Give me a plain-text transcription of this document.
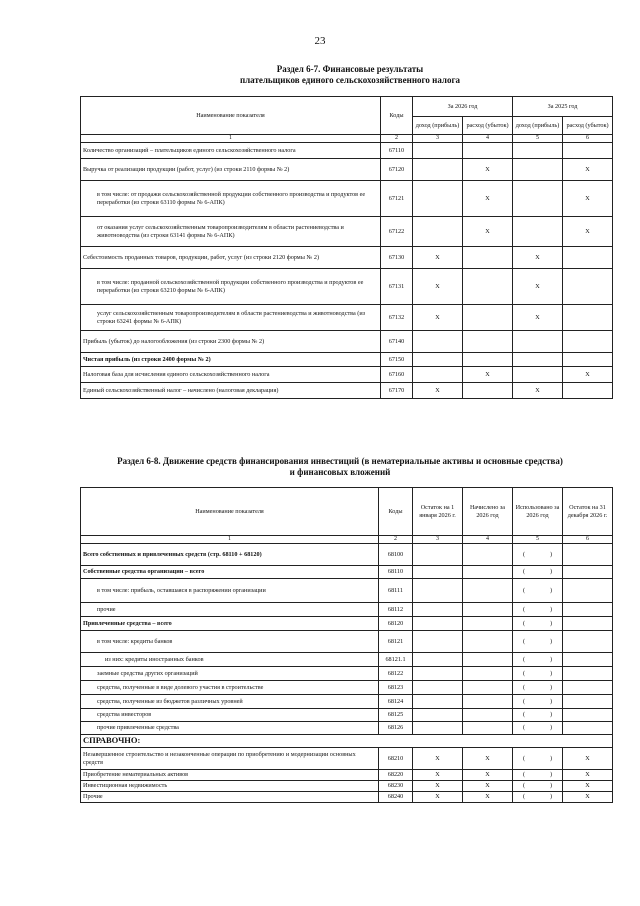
23
Раздел 6-7. Финансовые результаты
плательщиков единого сельскохозяйственного налога
Наименование показателя	Коды	За 2026 год		За 2025 год	
		доход (прибыль)	расход (убыток)	доход (прибыль)	расход (убыток)
1	2	3	4	5	6
Количество организаций – плательщиков единого сельскохозяйственного налога	67110				
Выручка от реализации продукции (работ, услуг) (из строки 2110 формы № 2)	67120		X		X
в том числе: от продажи сельскохозяйственной продукции собственного производства и продуктов ее переработки (из строки 63110 формы № 6-АПК)	67121		X		X
от оказания услуг сельскохозяйственным товаропроизводителям в области растениеводства и животноводства (из строки 63141 формы № 6-АПК)	67122		X		X
Себестоимость проданных товаров, продукции, работ, услуг (из строки 2120 формы № 2)	67130	X		X	
в том числе: проданной сельскохозяйственной продукции собственного производства и продуктов ее переработки (из строки 63210 формы № 6-АПК)	67131	X		X	
услуг сельскохозяйственным товаропроизводителям в области растениеводства и животноводства (из строки 63241 формы № 6-АПК)	67132	X		X	
Прибыль (убыток) до налогообложения (из строки 2300 формы № 2)	67140				
Чистая прибыль (из строки 2400 формы № 2)	67150				
Налоговая база для исчисления единого сельскохозяйственного налога	67160		X		X
Единый сельскохозяйственный налог – начислено (налоговая декларация)	67170	X		X	
Раздел 6-8. Движение средств финансирования инвестиций (в нематериальные активы и основные средства)
и финансовых вложений
Наименование показателя	Коды	Остаток на 1 января 2026 г.	Начислено за 2026 год	Использовано за 2026 год	Остаток на 31 декабря 2026 г.
1	2	3	4	5	6
Всего собственных и привлеченных средств (стр. 68110 + 68120)	68100			( )	

Собственные средства организации – всего	68110			( )	

в том числе: прибыль, оставшаяся в распоряжении организации	68111			( )	

прочие	68112			( )	

Привлеченные средства – всего	68120			( )	

в том числе: кредиты банков	68121			( )	

из них: кредиты иностранных банков	68121.1			( )	

заемные средства других организаций	68122			( )	

средства, полученные в виде долевого участия в строительстве	68123			( )	

средства, полученные из бюджетов различных уровней	68124			( )	

средства инвесторов	68125			( )	

прочие привлеченные средства	68126			( )	

СПРАВОЧНО:					
Незавершенное строительство и незаконченные операции по приобретению и модернизации основных средств	68210	X	X	( )	X
Приобретение нематериальных активов	68220	X	X	( )	X
Инвестиционная недвижимость	68230	X	X	( )	X
Прочие	68240	X	X	( )	X
